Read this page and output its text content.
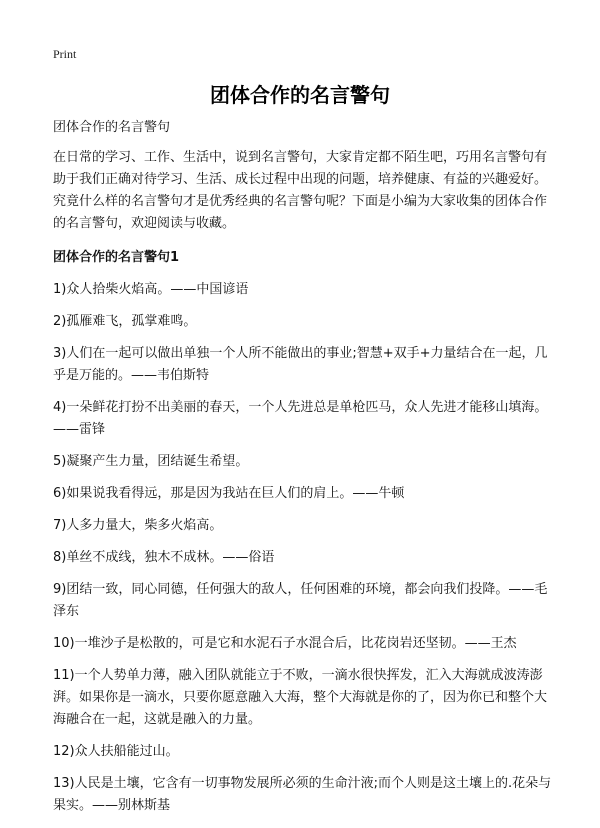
Print
团体合作的名言警句

团体合作的名言警句

在日常的学习、工作、生活中，说到名言警句，大家肯定都不陌生吧，巧用名言警句有助于我们正确对待学习、生活、成长过程中出现的问题，培养健康、有益的兴趣爱好。究竟什么样的名言警句才是优秀经典的名言警句呢？下面是小编为大家收集的团体合作的名言警句，欢迎阅读与收藏。

团体合作的名言警句1

1)众人拾柴火焰高。——中国谚语

2)孤雁难飞，孤掌难鸣。

3)人们在一起可以做出单独一个人所不能做出的事业;智慧+双手+力量结合在一起，几乎是万能的。——韦伯斯特

4)一朵鲜花打扮不出美丽的春天，一个人先进总是单枪匹马，众人先进才能移山填海。——雷锋

5)凝聚产生力量，团结诞生希望。

6)如果说我看得远，那是因为我站在巨人们的肩上。——牛顿

7)人多力量大，柴多火焰高。

8)单丝不成线，独木不成林。——俗语

9)团结一致，同心同德，任何强大的敌人，任何困难的环境，都会向我们投降。——毛泽东

10)一堆沙子是松散的，可是它和水泥石子水混合后，比花岗岩还坚韧。——王杰

11)一个人势单力薄，融入团队就能立于不败，一滴水很快挥发，汇入大海就成波涛澎湃。如果你是一滴水，只要你愿意融入大海，整个大海就是你的了，因为你已和整个大海融合在一起，这就是融入的力量。

12)众人扶船能过山。

13)人民是土壤，它含有一切事物发展所必须的生命汁液;而个人则是这土壤上的.花朵与果实。——别林斯基
